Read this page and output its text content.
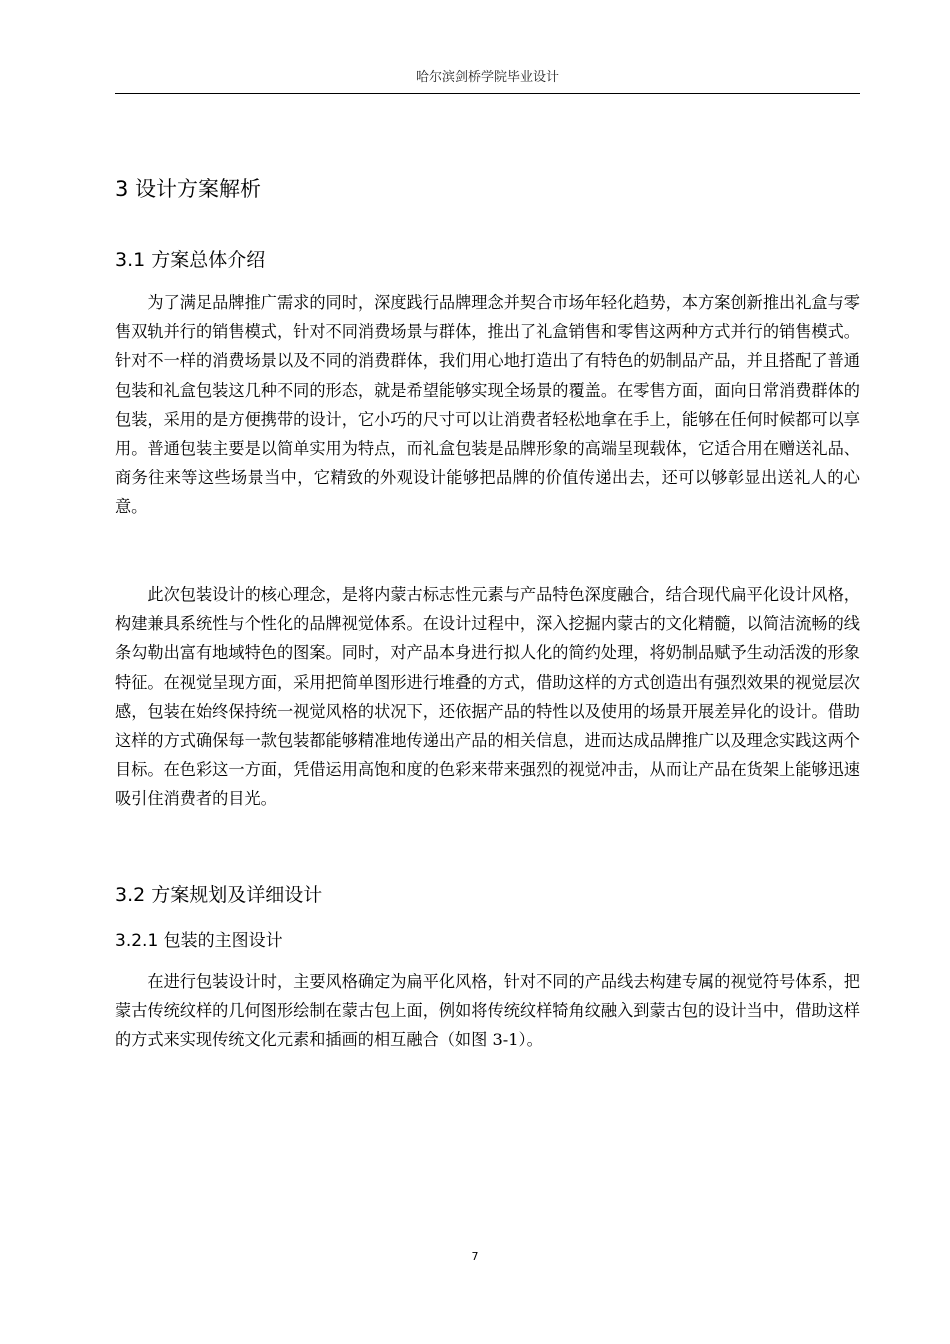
哈尔滨剑桥学院毕业设计
3 设计方案解析
3.1 方案总体介绍

为了满足品牌推广需求的同时，深度践行品牌理念并契合市场年轻化趋势，本方案创新推出礼盒与零售双轨并行的销售模式，针对不同消费场景与群体，推出了礼盒销售和零售这两种方式并行的销售模式。针对不一样的消费场景以及不同的消费群体，我们用心地打造出了有特色的奶制品产品，并且搭配了普通包装和礼盒包装这几种不同的形态，就是希望能够实现全场景的覆盖。在零售方面，面向日常消费群体的包装，采用的是方便携带的设计，它小巧的尺寸可以让消费者轻松地拿在手上，能够在任何时候都可以享用。普通包装主要是以简单实用为特点，而礼盒包装是品牌形象的高端呈现载体，它适合用在赠送礼品、商务往来等这些场景当中，它精致的外观设计能够把品牌的价值传递出去，还可以够彰显出送礼人的心意。

此次包装设计的核心理念，是将内蒙古标志性元素与产品特色深度融合，结合现代扁平化设计风格，构建兼具系统性与个性化的品牌视觉体系。在设计过程中，深入挖掘内蒙古的文化精髓，以简洁流畅的线条勾勒出富有地域特色的图案。同时，对产品本身进行拟人化的简约处理，将奶制品赋予生动活泼的形象特征。在视觉呈现方面，采用把简单图形进行堆叠的方式，借助这样的方式创造出有强烈效果的视觉层次感，包装在始终保持统一视觉风格的状况下，还依据产品的特性以及使用的场景开展差异化的设计。借助这样的方式确保每一款包装都能够精准地传递出产品的相关信息，进而达成品牌推广以及理念实践这两个目标。在色彩这一方面，凭借运用高饱和度的色彩来带来强烈的视觉冲击，从而让产品在货架上能够迅速吸引住消费者的目光。

3.2 方案规划及详细设计
3.2.1 包装的主图设计

在进行包装设计时，主要风格确定为扁平化风格，针对不同的产品线去构建专属的视觉符号体系，把蒙古传统纹样的几何图形绘制在蒙古包上面，例如将传统纹样犄角纹融入到蒙古包的设计当中，借助这样的方式来实现传统文化元素和插画的相互融合（如图 3-1）。

7
